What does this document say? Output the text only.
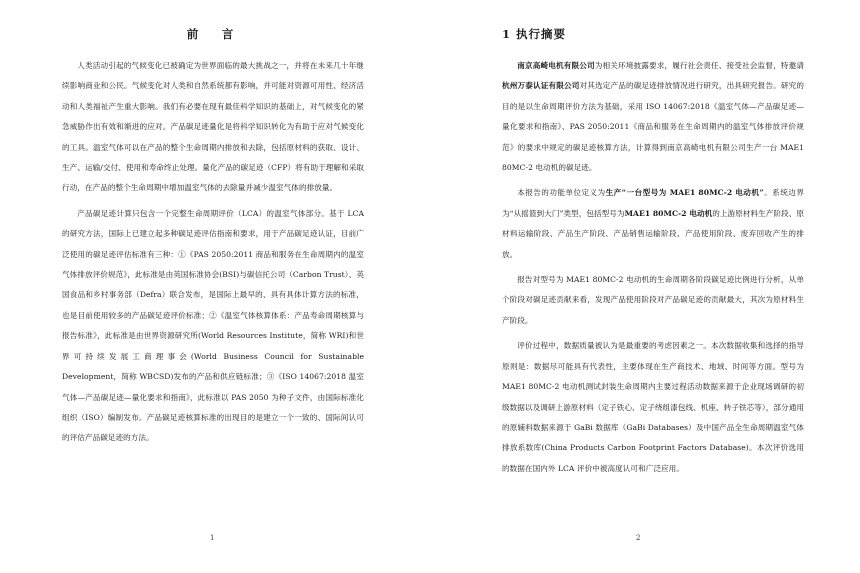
前　言

人类活动引起的气候变化已被确定为世界面临的最大挑战之一，并将在未来几十年继续影响商业和公民。气候变化对人类和自然系统都有影响，并可能对资源可用性、经济活动和人类福祉产生重大影响。我们有必要在现有最佳科学知识的基础上，对气候变化的紧急威胁作出有效和渐进的应对。产品碳足迹量化是将科学知识转化为有助于应对气候变化的工具。温室气体可以在产品的整个生命周期内排放和去除，包括原材料的获取、设计、生产、运输/交付、使用和寿命终止处理。量化产品的碳足迹（CFP）将有助于理解和采取行动，在产品的整个生命周期中增加温室气体的去除量并减少温室气体的排放量。

产品碳足迹计算只包含一个完整生命周期评价（LCA）的温室气体部分。基于 LCA 的研究方法，国际上已建立起多种碳足迹评估指南和要求，用于产品碳足迹认证，目前广泛使用的碳足迹评估标准有三种：①《PAS 2050:2011 商品和服务在生命周期内的温室气体排放评价规范》，此标准是由英国标准协会(BSI)与碳信托公司（Carbon Trust）、英国食品和乡村事务部（Defra）联合发布，是国际上最早的、具有具体计算方法的标准，也是目前使用较多的产品碳足迹评价标准；②《温室气体核算体系：产品寿命周期核算与报告标准》，此标准是由世界资源研究所(World Resources Institute，简称 WRI)和世界可持续发展工商理事会(World Business Council for Sustainable Development，简称 WBCSD)发布的产品和供应链标准；③《ISO 14067:2018 温室气体—产品碳足迹—量化要求和指南》，此标准以 PAS 2050 为种子文件，由国际标准化组织（ISO）编制发布。产品碳足迹核算标准的出现目的是建立一个一致的、国际间认可的评估产品碳足迹的方法。

1
1 执行摘要

南京高崎电机有限公司为相关环境披露要求，履行社会责任、接受社会监督，特邀请杭州万泰认证有限公司对其选定产品的碳足迹排放情况进行研究，出具研究报告。研究的目的是以生命周期评价方法为基础，采用 ISO 14067:2018《温室气体—产品碳足迹—量化要求和指南》、PAS 2050:2011《商品和服务在生命周期内的温室气体排放评价规范》的要求中规定的碳足迹核算方法，计算得到南京高崎电机有限公司生产一台 MAE1 80MC-2 电动机的碳足迹。

本报告的功能单位定义为生产“一台型号为 MAE1 80MC-2 电动机”。系统边界为“从摇篮到大门”类型，包括型号为MAE1 80MC-2 电动机的上游原材料生产阶段、原材料运输阶段、产品生产阶段、产品销售运输阶段、产品使用阶段、废弃回收产生的排放。

报告对型号为 MAE1 80MC-2 电动机的生命周期各阶段碳足迹比例进行分析，从单个阶段对碳足迹贡献来看，发现产品使用阶段对产品碳足迹的贡献最大，其次为原材料生产阶段。

评价过程中，数据质量被认为是最重要的考虑因素之一。本次数据收集和选择的指导原则是：数据尽可能具有代表性，主要体现在生产商技术、地域、时间等方面。型号为 MAE1 80MC-2 电动机测试封装生命周期内主要过程活动数据来源于企业现场调研的初级数据以及调研上游原材料（定子铁心、定子绕组漆包线、机座、转子铁芯等），部分通用的原辅料数据来源于 GaBi 数据库（GaBi Databases）及中国产品全生命周期温室气体排放系数库(China Products Carbon Footprint Factors Database)。本次评价选用的数据在国内外 LCA 评价中被高度认可和广泛应用。

2
